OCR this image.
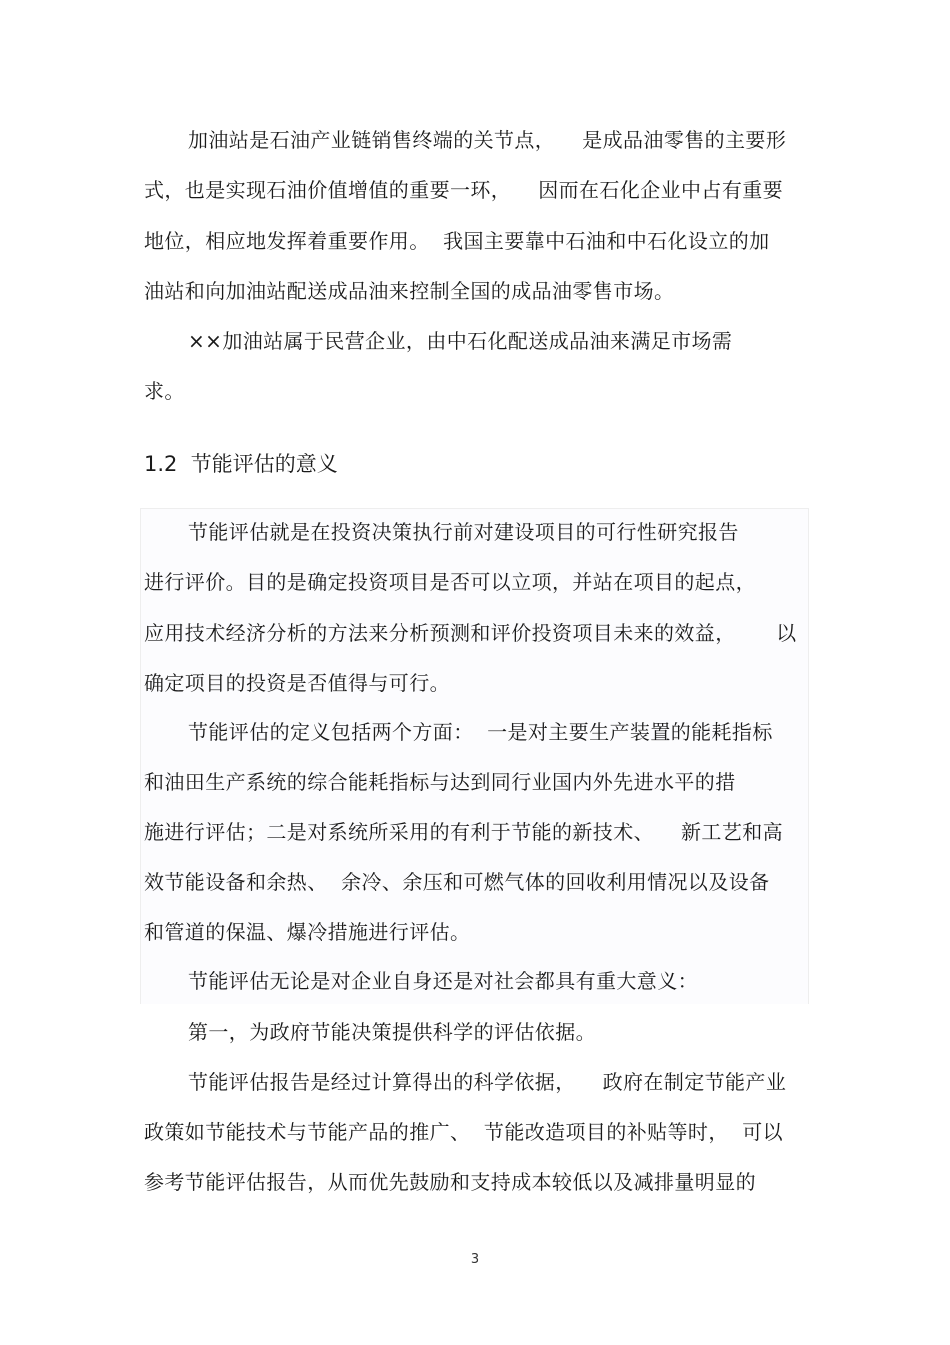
加油站是石油产业链销售终端的关节点，    是成品油零售的主要形
式，也是实现石油价值增值的重要一环，    因而在石化企业中占有重要
地位，相应地发挥着重要作用。  我国主要靠中石油和中石化设立的加
油站和向加油站配送成品油来控制全国的成品油零售市场。
××加油站属于民营企业，由中石化配送成品油来满足市场需
求。
1.2  节能评估的意义
节能评估就是在投资决策执行前对建设项目的可行性研究报告
进行评价。目的是确定投资项目是否可以立项，并站在项目的起点，
应用技术经济分析的方法来分析预测和评价投资项目未来的效益，      以
确定项目的投资是否值得与可行。
节能评估的定义包括两个方面：  一是对主要生产装置的能耗指标
和油田生产系统的综合能耗指标与达到同行业国内外先进水平的措
施进行评估；二是对系统所采用的有利于节能的新技术、    新工艺和高
效节能设备和余热、  余冷、余压和可燃气体的回收利用情况以及设备
和管道的保温、爆冷措施进行评估。
节能评估无论是对企业自身还是对社会都具有重大意义：
第一，为政府节能决策提供科学的评估依据。
节能评估报告是经过计算得出的科学依据，    政府在制定节能产业
政策如节能技术与节能产品的推广、  节能改造项目的补贴等时，  可以
参考节能评估报告，从而优先鼓励和支持成本较低以及减排量明显的
3
